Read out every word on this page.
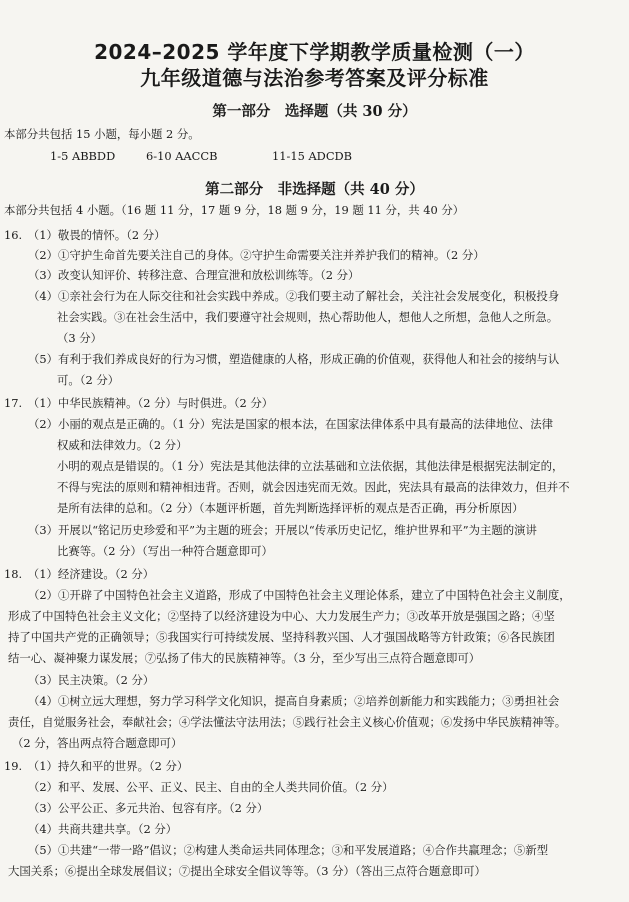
2024–2025 学年度下学期教学质量检测（一）
九年级道德与法治参考答案及评分标准
第一部分　选择题（共 30 分）
本部分共包括 15 小题，每小题 2 分。
1-5 ABBDD	6-10 AACCB	11-15 ADCDB
第二部分　非选择题（共 40 分）
本部分共包括 4 小题。（16 题 11 分，17 题 9 分，18 题 9 分，19 题 11 分，共 40 分）
16.　（1）敬畏的情怀。（2 分）
（2）①守护生命首先要关注自己的身体。②守护生命需要关注并养护我们的精神。（2 分）
（3）改变认知评价、转移注意、合理宣泄和放松训练等。（2 分）
（4）①亲社会行为在人际交往和社会实践中养成。②我们要主动了解社会，关注社会发展变化，积极投身
社会实践。③在社会生活中，我们要遵守社会规则，热心帮助他人，想他人之所想，急他人之所急。
（3 分）
（5）有利于我们养成良好的行为习惯，塑造健康的人格，形成正确的价值观，获得他人和社会的接纳与认
可。（2 分）
17.　（1）中华民族精神。（2 分）与时俱进。（2 分）
（2）小丽的观点是正确的。（1 分）宪法是国家的根本法，在国家法律体系中具有最高的法律地位、法律
权威和法律效力。（2 分）
小明的观点是错误的。（1 分）宪法是其他法律的立法基础和立法依据，其他法律是根据宪法制定的，
不得与宪法的原则和精神相违背。否则，就会因违宪而无效。因此，宪法具有最高的法律效力，但并不
是所有法律的总和。（2 分）（本题评析题，首先判断选择评析的观点是否正确，再分析原因）
（3）开展以“铭记历史珍爱和平”为主题的班会；开展以“传承历史记忆，维护世界和平”为主题的演讲
比赛等。（2 分）（写出一种符合题意即可）
18.　（1）经济建设。（2 分）
（2）①开辟了中国特色社会主义道路，形成了中国特色社会主义理论体系，建立了中国特色社会主义制度，
形成了中国特色社会主义文化；②坚持了以经济建设为中心、大力发展生产力；③改革开放是强国之路；④坚
持了中国共产党的正确领导；⑤我国实行可持续发展、坚持科教兴国、人才强国战略等方针政策；⑥各民族团
结一心、凝神聚力谋发展；⑦弘扬了伟大的民族精神等。（3 分，至少写出三点符合题意即可）
（3）民主决策。（2 分）
（4）①树立远大理想，努力学习科学文化知识，提高自身素质；②培养创新能力和实践能力；③勇担社会
责任，自觉服务社会，奉献社会；④学法懂法守法用法；⑤践行社会主义核心价值观；⑥发扬中华民族精神等。
（2 分，答出两点符合题意即可）
19.　（1）持久和平的世界。（2 分）
（2）和平、发展、公平、正义、民主、自由的全人类共同价值。（2 分）
（3）公平公正、多元共治、包容有序。（2 分）
（4）共商共建共享。（2 分）
（5）①共建“一带一路”倡议；②构建人类命运共同体理念；③和平发展道路；④合作共赢理念；⑤新型
大国关系；⑥提出全球发展倡议；⑦提出全球安全倡议等等。（3 分）（答出三点符合题意即可）
